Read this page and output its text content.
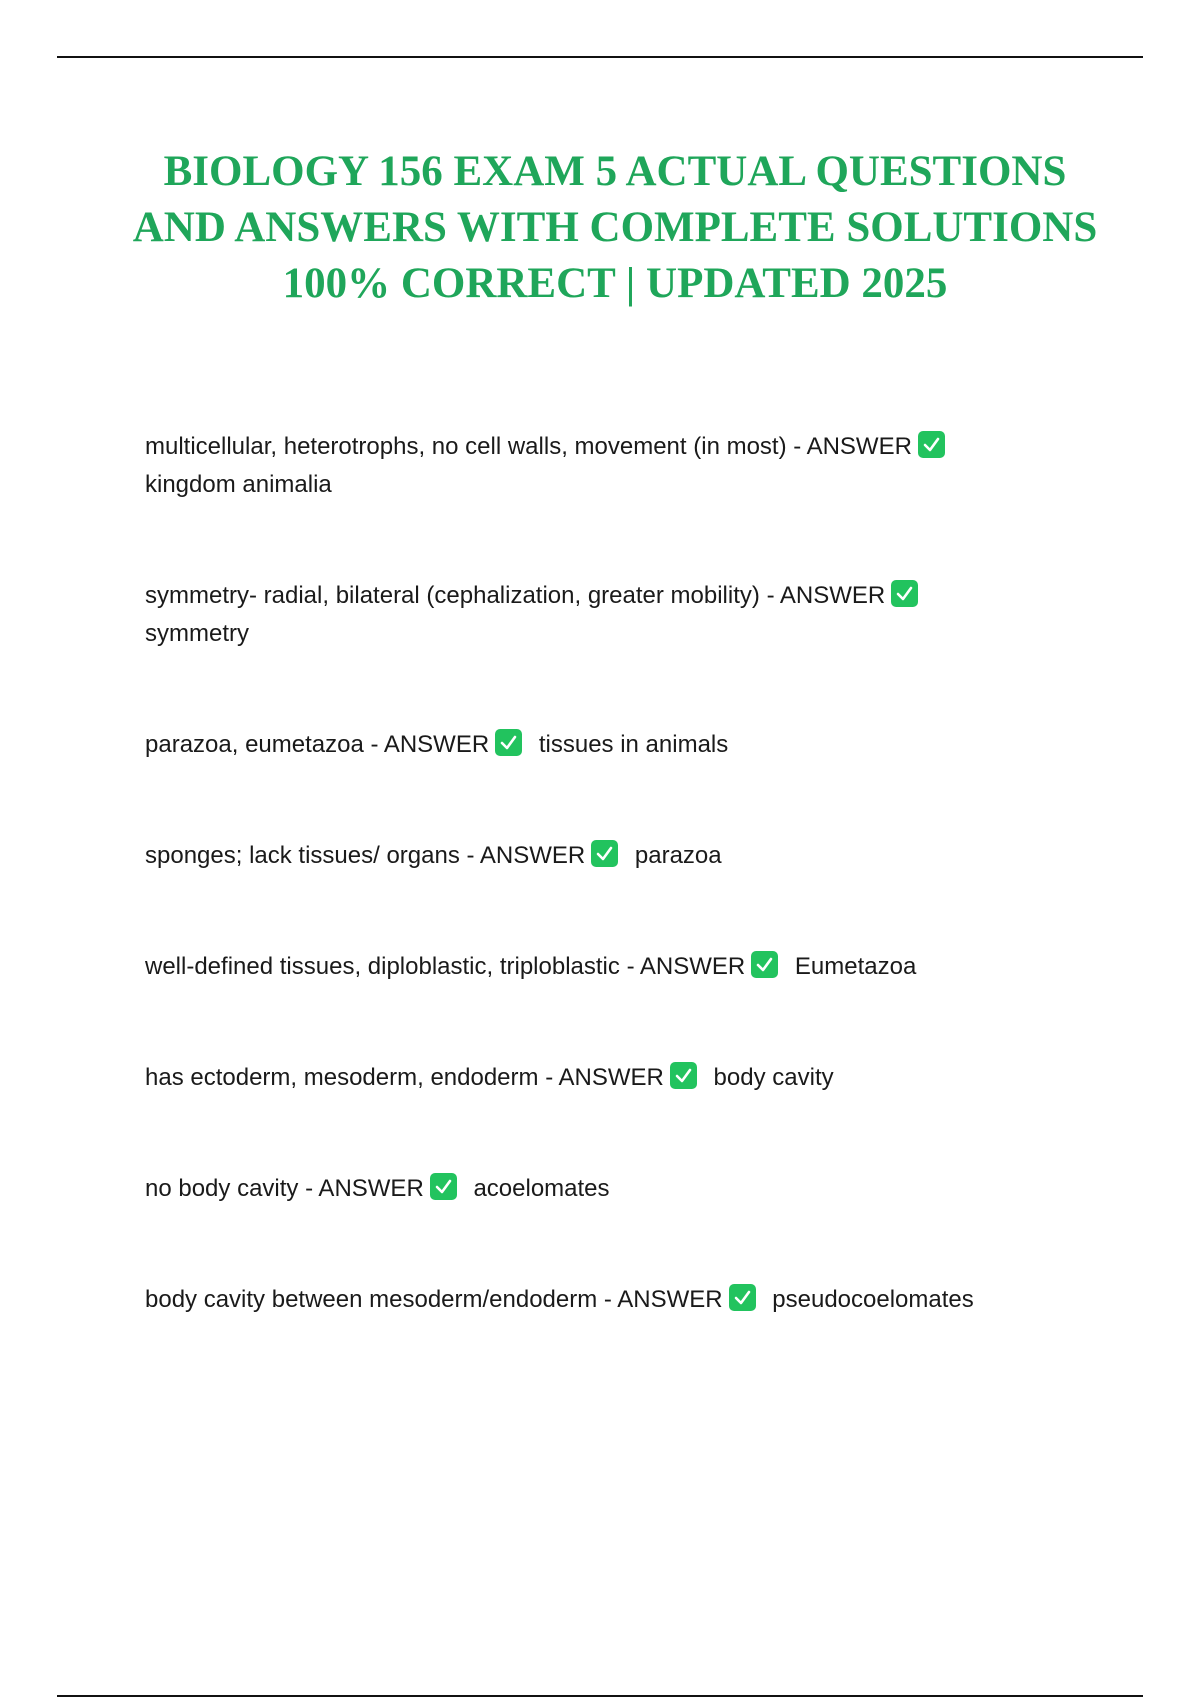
BIOLOGY 156 EXAM 5 ACTUAL QUESTIONS AND ANSWERS WITH COMPLETE SOLUTIONS 100% CORRECT | UPDATED 2025
multicellular, heterotrophs, no cell walls, movement (in most) - ANSWER

kingdom animalia
symmetry- radial, bilateral (cephalization, greater mobility) - ANSWER

symmetry
parazoa, eumetazoa - ANSWER tissues in animals
sponges; lack tissues/ organs - ANSWER parazoa
well-defined tissues, diploblastic, triploblastic - ANSWER Eumetazoa
has ectoderm, mesoderm, endoderm - ANSWER body cavity
no body cavity - ANSWER acoelomates
body cavity between mesoderm/endoderm - ANSWER pseudocoelomates
